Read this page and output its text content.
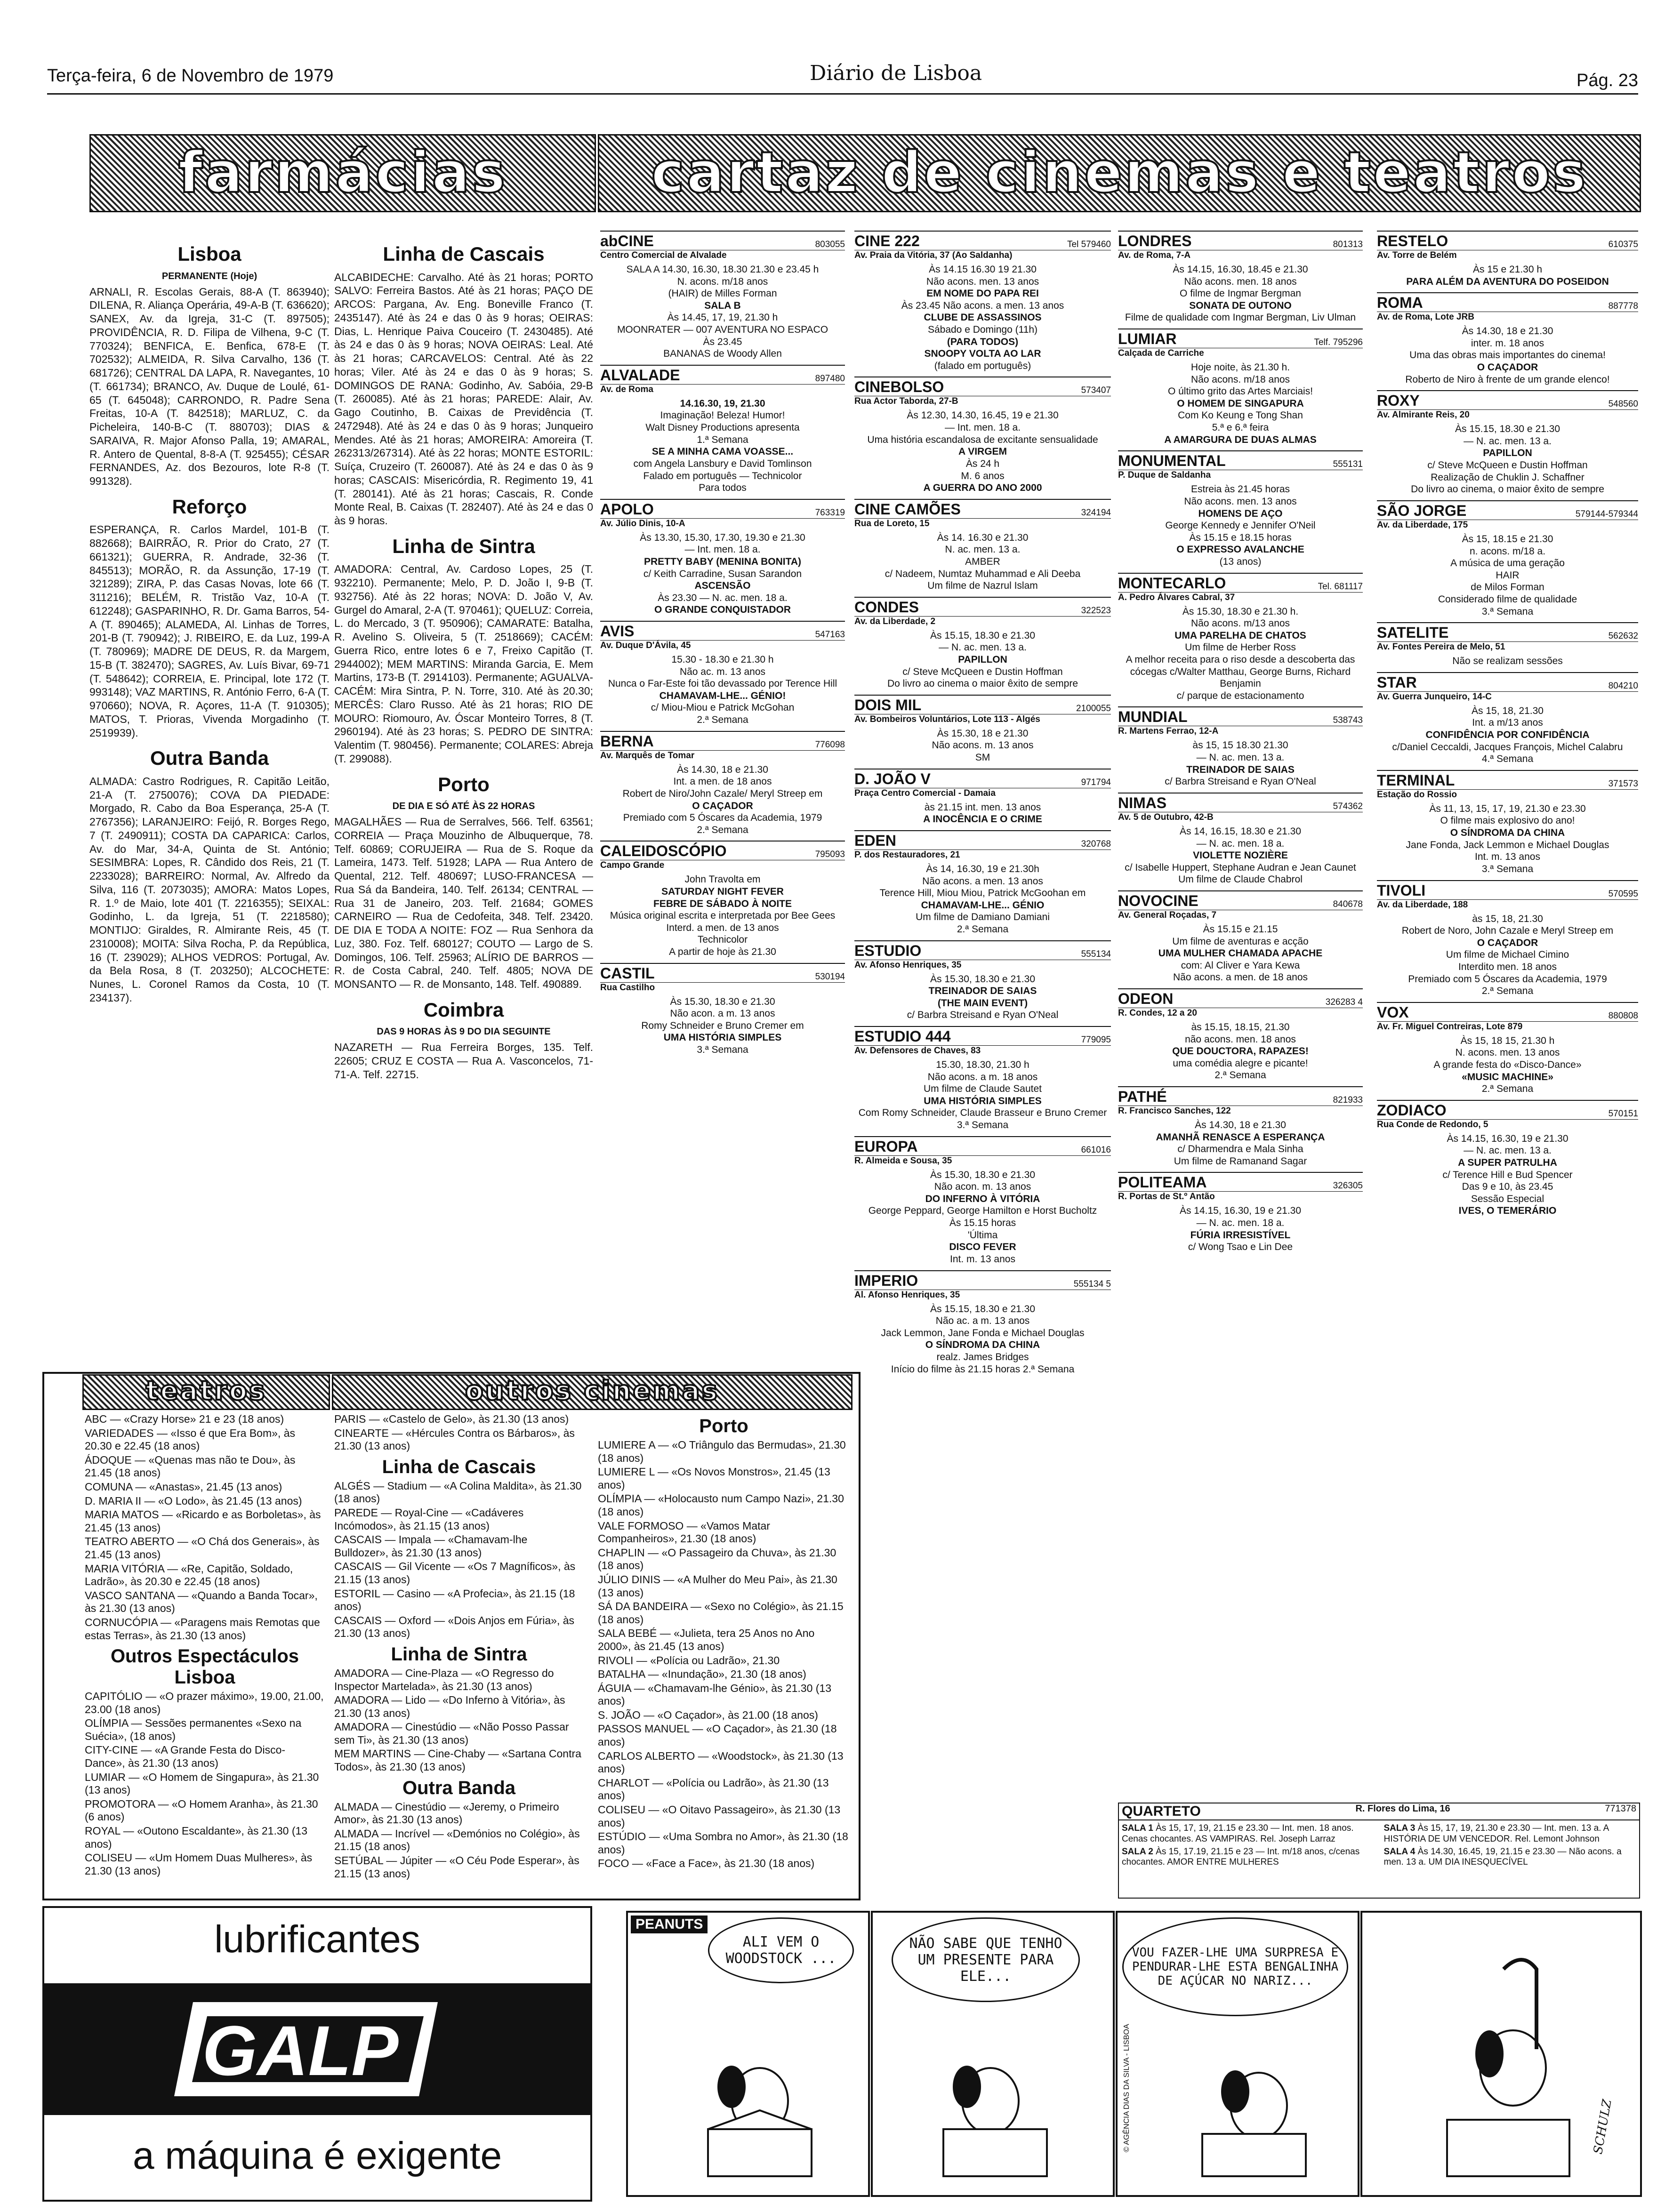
Terça-feira, 6 de Novembro de 1979	Diário de Lisboa	Pág. 23
farmácias	cartaz de cinemas e teatros
Lisboa
PERMANENTE (Hoje)

ARNALI, R. Escolas Gerais, 88-A (T. 863940); DILENA, R. Aliança Operária, 49-A-B (T. 636620); SANEX, Av. da Igreja, 31-C (T. 897505); PROVIDÊNCIA, R. D. Filipa de Vilhena, 9-C (T. 770324); BENFICA, E. Benfica, 678-E (T. 702532); ALMEIDA, R. Silva Carvalho, 136 (T. 681726); CENTRAL DA LAPA, R. Navegantes, 10 (T. 661734); BRANCO, Av. Duque de Loulé, 61-65 (T. 645048); CARRONDO, R. Padre Sena Freitas, 10-A (T. 842518); MARLUZ, C. da Picheleira, 140-B-C (T. 880703); DIAS & SARAIVA, R. Major Afonso Palla, 19; AMARAL, R. Antero de Quental, 8-8-A (T. 925455); CÉSAR FERNANDES, Az. dos Bezouros, lote R-8 (T. 991328).

Reforço

ESPERANÇA, R. Carlos Mardel, 101-B (T. 882668); BAIRRÃO, R. Prior do Crato, 27 (T. 661321); GUERRA, R. Andrade, 32-36 (T. 845513); MORÃO, R. da Assunção, 17-19 (T. 321289); ZIRA, P. das Casas Novas, lote 66 (T. 311216); BELÉM, R. Tristão Vaz, 10-A (T. 612248); GASPARINHO, R. Dr. Gama Barros, 54-A (T. 890465); ALAMEDA, Al. Linhas de Torres, 201-B (T. 790942); J. RIBEIRO, E. da Luz, 199-A (T. 780969); MADRE DE DEUS, R. da Margem, 15-B (T. 382470); SAGRES, Av. Luís Bivar, 69-71 (T. 548642); CORREIA, E. Principal, lote 172 (T. 993148); VAZ MARTINS, R. António Ferro, 6-A (T. 970660); NOVA, R. Açores, 11-A (T. 910305); MATOS, T. Prioras, Vivenda Morgadinho (T. 2519939).

Outra Banda

ALMADA: Castro Rodrigues, R. Capitão Leitão, 21-A (T. 2750076); COVA DA PIEDADE: Morgado, R. Cabo da Boa Esperança, 25-A (T. 2767356); LARANJEIRO: Feijó, R. Borges Rego, 7 (T. 2490911); COSTA DA CAPARICA: Carlos, Av. do Mar, 34-A, Quinta de St. António; SESIMBRA: Lopes, R. Cândido dos Reis, 21 (T. 2233028); BARREIRO: Normal, Av. Alfredo da Silva, 116 (T. 2073035); AMORA: Matos Lopes, R. 1.º de Maio, lote 401 (T. 2216355); SEIXAL: Godinho, L. da Igreja, 51 (T. 2218580); MONTIJO: Giraldes, R. Almirante Reis, 45 (T. 2310008); MOITA: Silva Rocha, P. da República, 16 (T. 239029); ALHOS VEDROS: Portugal, Av. da Bela Rosa, 8 (T. 203250); ALCOCHETE: Nunes, L. Coronel Ramos da Costa, 10 (T. 234137).

Linha de Cascais

ALCABIDECHE: Carvalho. Até às 21 horas; PORTO SALVO: Ferreira Bastos. Até às 21 horas; PAÇO DE ARCOS: Pargana, Av. Eng. Boneville Franco (T. 2435147). Até às 24 e das 0 às 9 horas; OEIRAS: Dias, L. Henrique Paiva Couceiro (T. 2430485). Até às 24 e das 0 às 9 horas; NOVA OEIRAS: Leal. Até às 21 horas; CARCAVELOS: Central. Até às 22 horas; Viler. Até às 24 e das 0 às 9 horas; S. DOMINGOS DE RANA: Godinho, Av. Sabóia, 29-B (T. 260085). Até às 21 horas; PAREDE: Alair, Av. Gago Coutinho, B. Caixas de Previdência (T. 2472948). Até às 24 e das 0 às 9 horas; Junqueiro Mendes. Até às 21 horas; AMOREIRA: Amoreira (T. 262313/267314). Até às 22 horas; MONTE ESTORIL: Suíça, Cruzeiro (T. 260087). Até às 24 e das 0 às 9 horas; CASCAIS: Misericórdia, R. Regimento 19, 41 (T. 280141). Até às 21 horas; Cascais, R. Conde Monte Real, B. Caixas (T. 282407). Até às 24 e das 0 às 9 horas.

Linha de Sintra

AMADORA: Central, Av. Cardoso Lopes, 25 (T. 932210). Permanente; Melo, P. D. João I, 9-B (T. 932756). Até às 22 horas; NOVA: D. João V, Av. Gurgel do Amaral, 2-A (T. 970461); QUELUZ: Correia, L. do Mercado, 3 (T. 950906); CAMARATE: Batalha, R. Avelino S. Oliveira, 5 (T. 2518669); CACÉM: Guerra Rico, entre lotes 6 e 7, Freixo Capitão (T. 2944002); MEM MARTINS: Miranda Garcia, E. Mem Martins, 173-B (T. 2914103). Permanente; AGUALVA-CACÉM: Mira Sintra, P. N. Torre, 310. Até às 20.30; MERCÊS: Claro Russo. Até às 21 horas; RIO DE MOURO: Riomouro, Av. Óscar Monteiro Torres, 8 (T. 2960194). Até às 23 horas; S. PEDRO DE SINTRA: Valentim (T. 980456). Permanente; COLARES: Abreja (T. 299088).

Porto
DE DIA E SÓ ATÉ ÀS 22 HORAS

MAGALHÃES — Rua de Serralves, 566. Telf. 63561; CORREIA — Praça Mouzinho de Albuquerque, 78. Telf. 60869; CORUJEIRA — Rua de S. Roque da Lameira, 1473. Telf. 51928; LAPA — Rua Antero de Quental, 212. Telf. 480697; LUSO-FRANCESA — Rua Sá da Bandeira, 140. Telf. 26134; CENTRAL — Rua 31 de Janeiro, 203. Telf. 21684; GOMES CARNEIRO — Rua de Cedofeita, 348. Telf. 23420. DE DIA E TODA A NOITE: FOZ — Rua Senhora da Luz, 380. Foz. Telf. 680127; COUTO — Largo de S. Domingos, 106. Telf. 25963; ALÍRIO DE BARROS — R. de Costa Cabral, 240. Telf. 4805; NOVA DE MONSANTO — R. de Monsanto, 148. Telf. 490889.

Coimbra
DAS 9 HORAS ÀS 9 DO DIA SEGUINTE

NAZARETH — Rua Ferreira Borges, 135. Telf. 22605; CRUZ E COSTA — Rua A. Vasconcelos, 71-71-A. Telf. 22715.

abCINE	803055
Centro Comercial de Alvalade
SALA A 14.30, 16.30, 18.30 21.30 e 23.45 h
N. acons. m/18 anos
(HAIR) de Milles Forman
SALA B
Às 14.45, 17, 19, 21.30 h
MOONRATER — 007 AVENTURA NO ESPACO
Às 23.45
BANANAS de Woody Allen
ALVALADE	897480
Av. de Roma
14.16.30, 19, 21.30
Imaginação! Beleza! Humor!
Walt Disney Productions apresenta
1.ª Semana
SE A MINHA CAMA VOASSE...
com Angela Lansbury e David Tomlinson
Falado em português — Technicolor
Para todos
APOLO	763319
Av. Júlio Dinis, 10-A
Às 13.30, 15.30, 17.30, 19.30 e 21.30
— Int. men. 18 a.
PRETTY BABY (MENINA BONITA)
c/ Keith Carradine, Susan Sarandon
ASCENSÃO
Às 23.30 — N. ac. men. 18 a.
O GRANDE CONQUISTADOR
AVIS	547163
Av. Duque D'Ávila, 45
15.30 - 18.30 e 21.30 h
Não ac. m. 13 anos
Nunca o Far-Este foi tão devassado por Terence Hill
CHAMAVAM-LHE... GÉNIO!
c/ Miou-Miou e Patrick McGohan
2.ª Semana
BERNA	776098
Av. Marquês de Tomar
Às 14.30, 18 e 21.30
Int. a men. de 18 anos
Robert de Niro/John Cazale/ Meryl Streep em
O CAÇADOR
Premiado com 5 Óscares da Academia, 1979
2.ª Semana
CALEIDOSCÓPIO	795093
Campo Grande
John Travolta em
SATURDAY NIGHT FEVER
FEBRE DE SÁBADO À NOITE
Música original escrita e interpretada por Bee Gees
Interd. a men. de 13 anos
Technicolor
A partir de hoje às 21.30
CASTIL	530194
Rua Castilho
Às 15.30, 18.30 e 21.30
Não acon. a m. 13 anos
Romy Schneider e Bruno Cremer em
UMA HISTÓRIA SIMPLES
3.ª Semana
CINE 222	Tel 579460
Av. Praia da Vitória, 37 (Ao Saldanha)
Às 14.15 16.30 19 21.30
Não acons. men. 13 anos
EM NOME DO PAPA REI
Às 23.45 Não acons. a men. 13 anos
CLUBE DE ASSASSINOS
Sábado e Domingo (11h)
(PARA TODOS)
SNOOPY VOLTA AO LAR
(falado em português)
CINEBOLSO	573407
Rua Actor Taborda, 27-B
Às 12.30, 14.30, 16.45, 19 e 21.30
— Int. men. 18 a.
Uma história escandalosa de excitante sensualidade
A VIRGEM
Às 24 h
M. 6 anos
A GUERRA DO ANO 2000
CINE CAMÕES	324194
Rua de Loreto, 15
Às 14. 16.30 e 21.30
N. ac. men. 13 a.
AMBER
c/ Nadeem, Numtaz Muhammad e Ali Deeba
Um filme de Nazrul Islam
CONDES	322523
Av. da Liberdade, 2
Às 15.15, 18.30 e 21.30
— N. ac. men. 13 a.
PAPILLON
c/ Steve McQueen e Dustin Hoffman
Do livro ao cinema o maior êxito de sempre
DOIS MIL	2100055
Av. Bombeiros Voluntários, Lote 113 - Algés
Às 15.30, 18 e 21.30
Não acons. m. 13 anos
SM
D. JOÃO V	971794
Praça Centro Comercial - Damaia
às 21.15 int. men. 13 anos
A INOCÊNCIA E O CRIME
EDEN	320768
P. dos Restauradores, 21
Às 14, 16.30, 19 e 21.30h
Não acons. a men. 13 anos
Terence Hill, Miou Miou, Patrick McGoohan em
CHAMAVAM-LHE... GÉNIO
Um filme de Damiano Damiani
2.ª Semana
ESTUDIO	555134
Av. Afonso Henriques, 35
Às 15.30, 18.30 e 21.30
TREINADOR DE SAIAS
(THE MAIN EVENT)
c/ Barbra Streisand e Ryan O'Neal
ESTUDIO 444	779095
Av. Defensores de Chaves, 83
15.30, 18.30, 21.30 h
Não acons. a m. 18 anos
Um filme de Claude Sautet
UMA HISTÓRIA SIMPLES
Com Romy Schneider, Claude Brasseur e Bruno Cremer
3.ª Semana
EUROPA	661016
R. Almeida e Sousa, 35
Às 15.30, 18.30 e 21.30
Não acon. m. 13 anos
DO INFERNO À VITÓRIA
George Peppard, George Hamilton e Horst Bucholtz
Às 15.15 horas
'Última
DISCO FEVER
Int. m. 13 anos
IMPERIO	555134 5
Al. Afonso Henriques, 35
Às 15.15, 18.30 e 21.30
Não ac. a m. 13 anos
Jack Lemmon, Jane Fonda e Michael Douglas
O SÍNDROMA DA CHINA
realz. James Bridges
Início do filme às 21.15 horas 2.ª Semana
LONDRES	801313
Av. de Roma, 7-A
Às 14.15, 16.30, 18.45 e 21.30
Não acons. men. 18 anos
O filme de Ingmar Bergman
SONATA DE OUTONO
Filme de qualidade com Ingmar Bergman, Liv Ulman
LUMIAR	Telf. 795296
Calçada de Carriche
Hoje noite, às 21.30 h.
Não acons. m/18 anos
O último grito das Artes Marciais!
O HOMEM DE SINGAPURA
Com Ko Keung e Tong Shan
5.ª e 6.ª feira
A AMARGURA DE DUAS ALMAS
MONUMENTAL	555131
P. Duque de Saldanha
Estreia às 21.45 horas
Não acons. men. 13 anos
HOMENS DE AÇO
George Kennedy e Jennifer O'Neil
Às 15.15 e 18.15 horas
O EXPRESSO AVALANCHE
(13 anos)
MONTECARLO	Tel. 681117
A. Pedro Álvares Cabral, 37
Às 15.30, 18.30 e 21.30 h.
Não acons. m/13 anos
UMA PARELHA DE CHATOS
Um filme de Herber Ross
A melhor receita para o riso desde a descoberta das cócegas c/Walter Matthau, George Burns, Richard Benjamin
c/ parque de estacionamento
MUNDIAL	538743
R. Martens Ferrao, 12-A
às 15, 15 18.30 21.30
— N. ac. men. 13 a.
TREINADOR DE SAIAS
c/ Barbra Streisand e Ryan O'Neal
NIMAS	574362
Av. 5 de Outubro, 42-B
Às 14, 16.15, 18.30 e 21.30
— N. ac. men. 18 a.
VIOLETTE NOZIÈRE
c/ Isabelle Huppert, Stephane Audran e Jean Caunet
Um filme de Claude Chabrol
NOVOCINE	840678
Av. General Roçadas, 7
Às 15.15 e 21.15
Um filme de aventuras e acção
UMA MULHER CHAMADA APACHE
com: Al Cliver e Yara Kewa
Não acons. a men. de 18 anos
ODEON	326283 4
R. Condes, 12 a 20
às 15.15, 18.15, 21.30
não acons. men. 18 anos
QUE DOUCTORA, RAPAZES!
uma comédia alegre e picante!
2.ª Semana
PATHÉ	821933
R. Francisco Sanches, 122
Às 14.30, 18 e 21.30
AMANHÃ RENASCE A ESPERANÇA
c/ Dharmendra e Mala Sinha
Um filme de Ramanand Sagar
POLITEAMA	326305
R. Portas de St.º Antão
Às 14.15, 16.30, 19 e 21.30
— N. ac. men. 18 a.
FÚRIA IRRESISTÍVEL
c/ Wong Tsao e Lin Dee
RESTELO	610375
Av. Torre de Belém
Às 15 e 21.30 h
PARA ALÉM DA AVENTURA DO POSEIDON
ROMA	887778
Av. de Roma, Lote JRB
Às 14.30, 18 e 21.30
inter. m. 18 anos
Uma das obras mais importantes do cinema!
O CAÇADOR
Roberto de Niro à frente de um grande elenco!
ROXY	548560
Av. Almirante Reis, 20
Às 15.15, 18.30 e 21.30
— N. ac. men. 13 a.
PAPILLON
c/ Steve McQueen e Dustin Hoffman
Realização de Chuklin J. Schaffner
Do livro ao cinema, o maior êxito de sempre
SÃO JORGE	579144-579344
Av. da Liberdade, 175
Às 15, 18.15 e 21.30
n. acons. m/18 a.
A música de uma geração
HAIR
de Milos Forman
Considerado filme de qualidade
3.ª Semana
SATELITE	562632
Av. Fontes Pereira de Melo, 51
Não se realizam sessões
STAR	804210
Av. Guerra Junqueiro, 14-C
Às 15, 18, 21.30
Int. a m/13 anos
CONFIDÊNCIA POR CONFIDÊNCIA
c/Daniel Ceccaldi, Jacques François, Michel Calabru
4.ª Semana
TERMINAL	371573
Estação do Rossio
Às 11, 13, 15, 17, 19, 21.30 e 23.30
O filme mais explosivo do ano!
O SÍNDROMA DA CHINA
Jane Fonda, Jack Lemmon e Michael Douglas
Int. m. 13 anos
3.ª Semana
TIVOLI	570595
Av. da Liberdade, 188
às 15, 18, 21.30
Robert de Noro, John Cazale e Meryl Streep em
O CAÇADOR
Um filme de Michael Cimino
Interdito men. 18 anos
Premiado com 5 Óscares da Academia, 1979
2.ª Semana
VOX	880808
Av. Fr. Miguel Contreiras, Lote 879
Às 15, 18 15, 21.30 h
N. acons. men. 13 anos
A grande festa do «Disco-Dance»
«MUSIC MACHINE»
2.ª Semana
ZODIACO	570151
Rua Conde de Redondo, 5
Às 14.15, 16.30, 19 e 21.30
— N. ac. men. 13 a.
A SUPER PATRULHA
c/ Terence Hill e Bud Spencer
Das 9 e 10, às 23.45
Sessão Especial
IVES, O TEMERÁRIO
QUARTETO	R. Flores do Lima, 16	771378
SALA 1 Às 15, 17, 19, 21.15 e 23.30 — Int. men. 18 anos. Cenas chocantes. AS VAMPIRAS. Rel. Joseph Larraz
SALA 3 Às 15, 17, 19, 21.30 e 23.30 — Int. men. 13 a. A HISTÓRIA DE UM VENCEDOR. Rel. Lemont Johnson
SALA 2 Às 15, 17.19, 21.15 e 23 — Int. m/18 anos, c/cenas chocantes. AMOR ENTRE MULHERES
SALA 4 Às 14.30, 16.45, 19, 21.15 e 23.30 — Não acons. a men. 13 a. UM DIA INESQUECÍVEL
teatros	outros cinemas

ABC — «Crazy Horse» 21 e 23 (18 anos)

VARIEDADES — «Isso é que Era Bom», às 20.30 e 22.45 (18 anos)

ÁDOQUE — «Quenas mas não te Dou», às 21.45 (18 anos)

COMUNA — «Anastas», 21.45 (13 anos)

D. MARIA II — «O Lodo», às 21.45 (13 anos)

MARIA MATOS — «Ricardo e as Borboletas», às 21.45 (13 anos)

TEATRO ABERTO — «O Chá dos Generais», às 21.45 (13 anos)

MARIA VITÓRIA — «Re, Capitão, Soldado, Ladrão», às 20.30 e 22.45 (18 anos)

VASCO SANTANA — «Quando a Banda Tocar», às 21.30 (13 anos)

CORNUCÓPIA — «Paragens mais Remotas que estas Terras», às 21.30 (13 anos)

Outros Espectáculos Lisboa

CAPITÓLIO — «O prazer máximo», 19.00, 21.00, 23.00 (18 anos)

OLÍMPIA — Sessões permanentes «Sexo na Suécia», (18 anos)

CITY-CINE — «A Grande Festa do Disco-Dance», às 21.30 (13 anos)

LUMIAR — «O Homem de Singapura», às 21.30 (13 anos)

PROMOTORA — «O Homem Aranha», às 21.30 (6 anos)

ROYAL — «Outono Escaldante», às 21.30 (13 anos)

COLISEU — «Um Homem Duas Mulheres», às 21.30 (13 anos)

PARIS — «Castelo de Gelo», às 21.30 (13 anos)

CINEARTE — «Hércules Contra os Bárbaros», às 21.30 (13 anos)

Linha de Cascais

ALGÉS — Stadium — «A Colina Maldita», às 21.30 (18 anos)

PAREDE — Royal-Cine — «Cadáveres Incómodos», às 21.15 (13 anos)

CASCAIS — Impala — «Chamavam-lhe Bulldozer», às 21.30 (13 anos)

CASCAIS — Gil Vicente — «Os 7 Magníficos», às 21.15 (13 anos)

ESTORIL — Casino — «A Profecia», às 21.15 (18 anos)

CASCAIS — Oxford — «Dois Anjos em Fúria», às 21.30 (13 anos)

Linha de Sintra

AMADORA — Cine-Plaza — «O Regresso do Inspector Martelada», às 21.30 (13 anos)

AMADORA — Lido — «Do Inferno à Vitória», às 21.30 (13 anos)

AMADORA — Cinestúdio — «Não Posso Passar sem Ti», às 21.30 (13 anos)

MEM MARTINS — Cine-Chaby — «Sartana Contra Todos», às 21.30 (13 anos)

Outra Banda

ALMADA — Cinestúdio — «Jeremy, o Primeiro Amor», às 21.30 (13 anos)

ALMADA — Incrível — «Demónios no Colégio», às 21.15 (18 anos)

SETÚBAL — Júpiter — «O Céu Pode Esperar», às 21.15 (13 anos)

Porto

LUMIERE A — «O Triângulo das Bermudas», 21.30 (18 anos)

LUMIERE L — «Os Novos Monstros», 21.45 (13 anos)

OLÍMPIA — «Holocausto num Campo Nazi», 21.30 (18 anos)

VALE FORMOSO — «Vamos Matar Companheiros», 21.30 (18 anos)

CHAPLIN — «O Passageiro da Chuva», às 21.30 (18 anos)

JÚLIO DINIS — «A Mulher do Meu Pai», às 21.30 (13 anos)

SÁ DA BANDEIRA — «Sexo no Colégio», às 21.15 (18 anos)

SALA BEBÉ — «Julieta, tera 25 Anos no Ano 2000», às 21.45 (13 anos)

RIVOLI — «Polícia ou Ladrão», 21.30

BATALHA — «Inundação», 21.30 (18 anos)

ÁGUIA — «Chamavam-lhe Génio», às 21.30 (13 anos)

S. JOÃO — «O Caçador», às 21.00 (18 anos)

PASSOS MANUEL — «O Caçador», às 21.30 (18 anos)

CARLOS ALBERTO — «Woodstock», às 21.30 (13 anos)

CHARLOT — «Polícia ou Ladrão», às 21.30 (13 anos)

COLISEU — «O Oitavo Passageiro», às 21.30 (13 anos)

ESTÚDIO — «Uma Sombra no Amor», às 21.30 (18 anos)

FOCO — «Face a Face», às 21.30 (18 anos)

lubrificantes
GALP
a máquina é exigente
PEANUTS
ALI VEM O WOODSTOCK ...
NÃO SABE QUE TENHO UM PRESENTE PARA ELE...
VOU FAZER-LHE UMA SURPRESA E PENDURAR-LHE ESTA BENGALINHA DE AÇÚCAR NO NARIZ...
© AGÊNCIA DIAS DA SILVA - LISBOA	SCHULZ
